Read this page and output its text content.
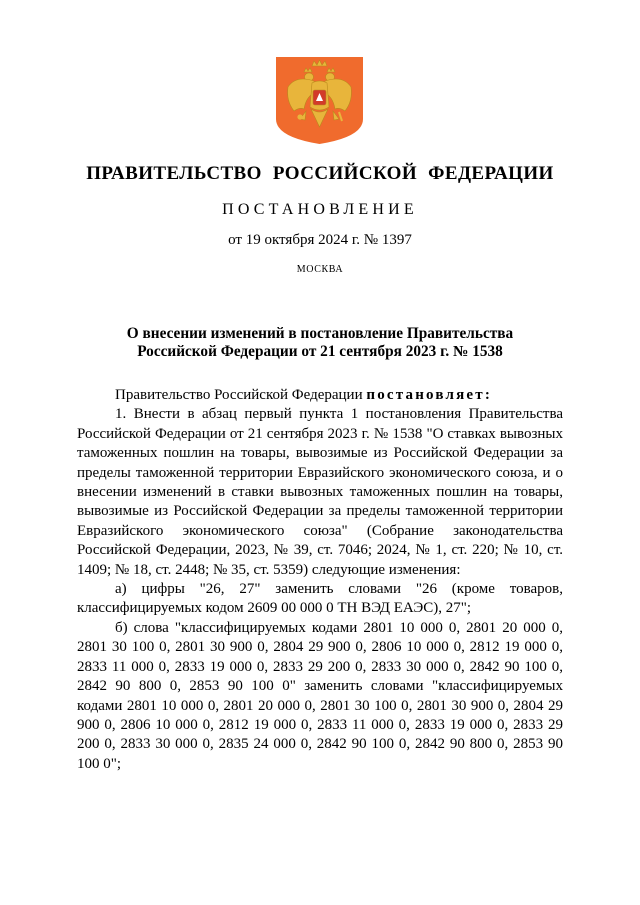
ПРАВИТЕЛЬСТВО РОССИЙСКОЙ ФЕДЕРАЦИИ
ПОСТАНОВЛЕНИЕ
от 19 октября 2024 г. № 1397
МОСКВА
О внесении изменений в постановление Правительства
Российской Федерации от 21 сентября 2023 г. № 1538

Правительство Российской Федерации постановляет:

1. Внести в абзац первый пункта 1 постановления Правительства Российской Федерации от 21 сентября 2023 г. № 1538 "О ставках вывозных таможенных пошлин на товары, вывозимые из Российской Федерации за пределы таможенной территории Евразийского экономического союза, и о внесении изменений в ставки вывозных таможенных пошлин на товары, вывозимые из Российской Федерации за пределы таможенной территории Евразийского экономического союза" (Собрание законодательства Российской Федерации, 2023, № 39, ст. 7046; 2024, № 1, ст. 220; № 10, ст. 1409; № 18, ст. 2448; № 35, ст. 5359) следующие изменения:

а) цифры "26, 27" заменить словами "26 (кроме товаров, классифицируемых кодом 2609 00 000 0 ТН ВЭД ЕАЭС), 27";

б) слова "классифицируемых кодами 2801 10 000 0, 2801 20 000 0, 2801 30 100 0, 2801 30 900 0, 2804 29 900 0, 2806 10 000 0, 2812 19 000 0, 2833 11 000 0, 2833 19 000 0, 2833 29 200 0, 2833 30 000 0, 2842 90 100 0, 2842 90 800 0, 2853 90 100 0" заменить словами "классифицируемых кодами 2801 10 000 0, 2801 20 000 0, 2801 30 100 0, 2801 30 900 0, 2804 29 900 0, 2806 10 000 0, 2812 19 000 0, 2833 11 000 0, 2833 19 000 0, 2833 29 200 0, 2833 30 000 0, 2835 24 000 0, 2842 90 100 0, 2842 90 800 0, 2853 90 100 0";
